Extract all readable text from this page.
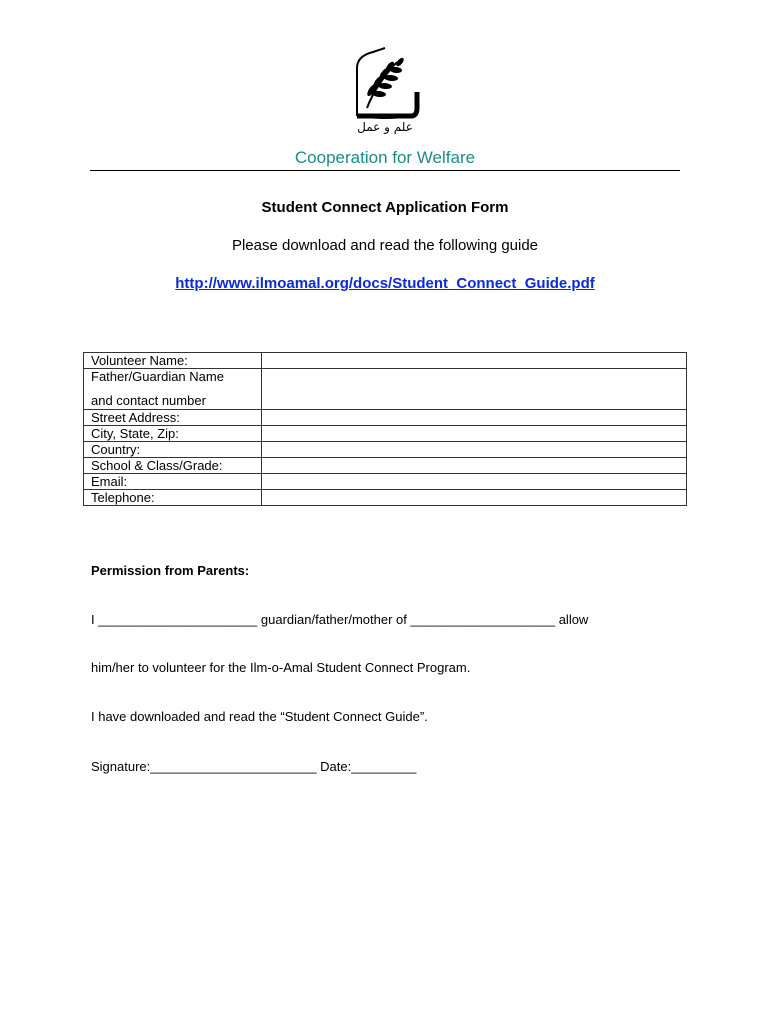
علم و عمل
Cooperation for Welfare
Student Connect Application Form
Please download and read the following guide
http://www.ilmoamal.org/docs/Student_Connect_Guide.pdf
Volunteer Name:	
Father/Guardian Name
and contact number	

Street Address:	
City, State, Zip:	
Country:	
School & Class/Grade:	
Email:	
Telephone:	
Permission from Parents:
I ______________________ guardian/father/mother of ____________________ allow
him/her to volunteer for the Ilm-o-Amal Student Connect Program.
I have downloaded and read the “Student Connect Guide”.
Signature:_______________________ Date:_________
